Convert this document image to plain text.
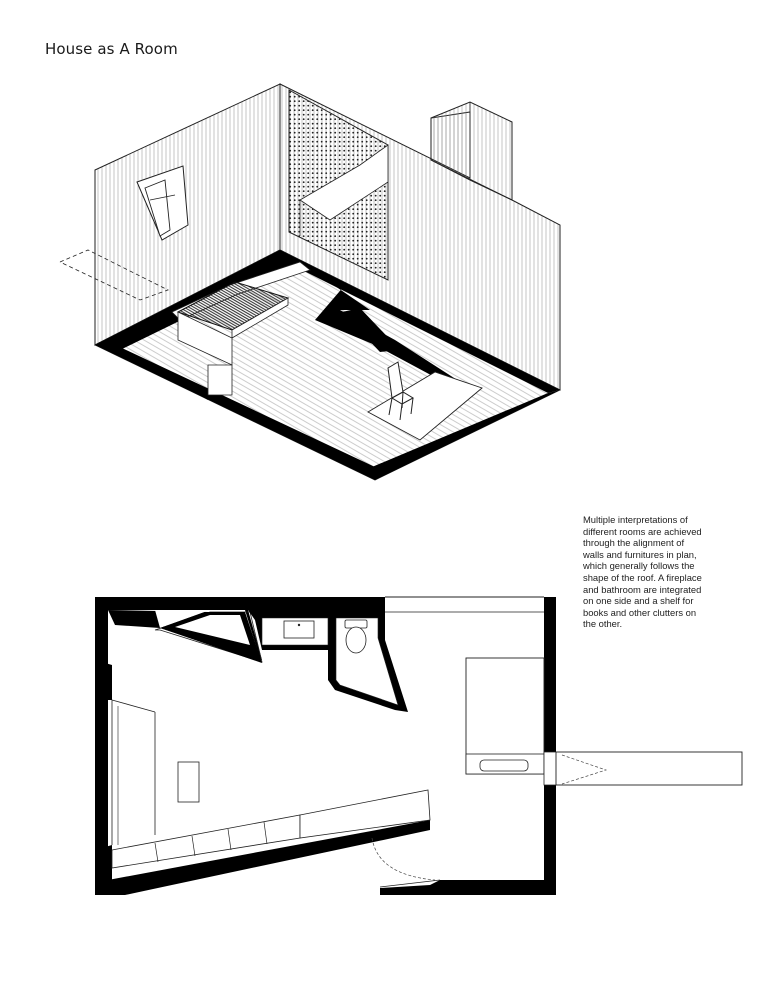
House as A Room
Multiple interpretations of
different rooms are achieved
through the alignment of
walls and furnitures in plan,
which generally follows the
shape of the roof. A fireplace
and bathroom are integrated
on one side and a shelf for
books and other clutters on
the other.
